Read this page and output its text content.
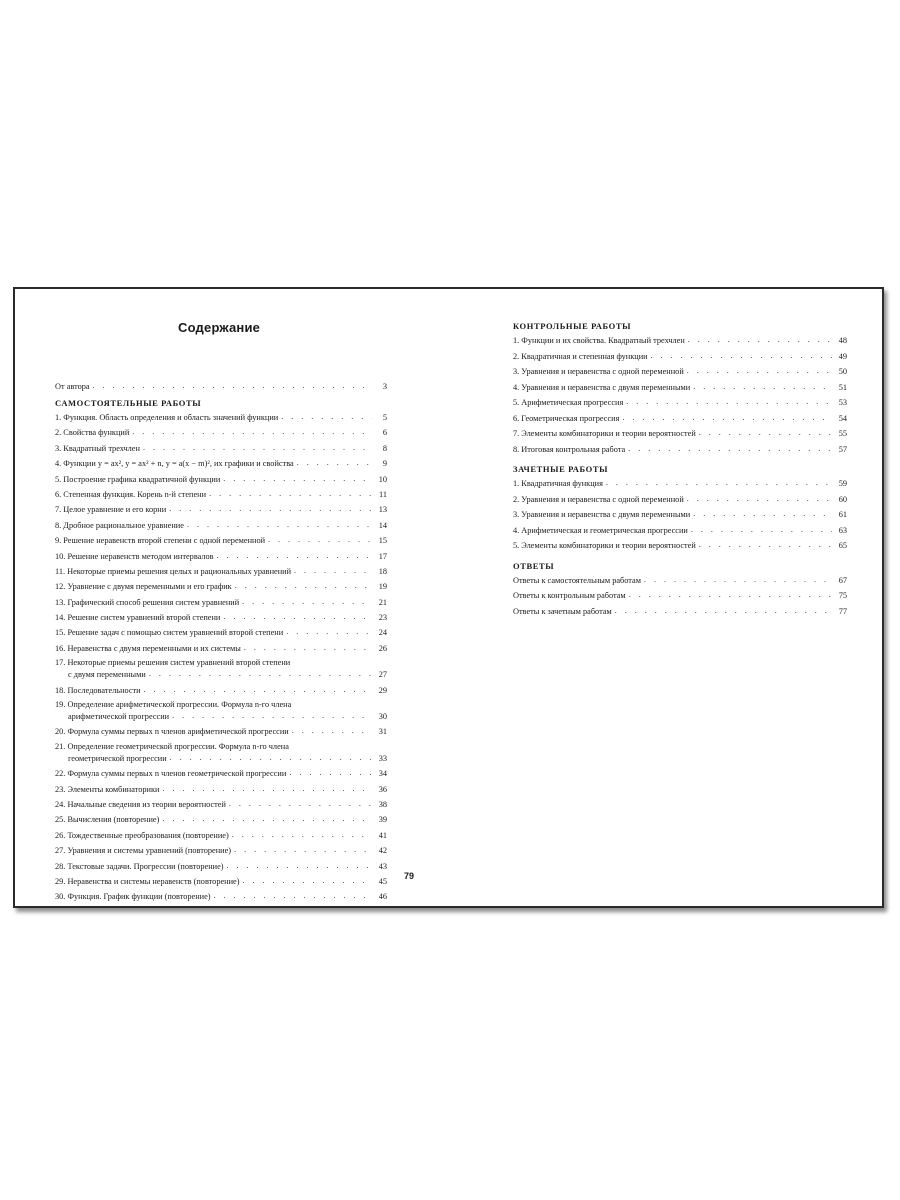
Содержание
От автора . . .	3
САМОСТОЯТЕЛЬНЫЕ РАБОТЫ
1. Функция. Область определения и область значений функции . . .	5
2. Свойства функций . . .	6
3. Квадратный трехчлен . . .	8
4. Функции y = ax², y = ax² + n, y = a(x − m)², их графики и свойства . . .	9
5. Построение графика квадратичной функции . . .	10
6. Степенная функция. Корень n-й степени . . .	11
7. Целое уравнение и его корни . . .	13
8. Дробное рациональное уравнение . . .	14
9. Решение неравенств второй степени с одной переменной . . .	15
10. Решение неравенств методом интервалов . . .	17
11. Некоторые приемы решения целых и рациональных уравнений . . .	18
12. Уравнение с двумя переменными и его график . . .	19
13. Графический способ решения систем уравнений . . .	21
14. Решение систем уравнений второй степени . . .	23
15. Решение задач с помощью систем уравнений второй степени . . .	24
16. Неравенства с двумя переменными и их системы . . .	26
17. Некоторые приемы решения систем уравнений второй степени
с двумя переменными . . .	27
18. Последовательности . . .	29
19. Определение арифметической прогрессии. Формула n-го члена
арифметической прогрессии . . .	30
20. Формула суммы первых n членов арифметической прогрессии . . .	31
21. Определение геометрической прогрессии. Формула n-го члена
геометрической прогрессии . . .	33
22. Формула суммы первых n членов геометрической прогрессии . . .	34
23. Элементы комбинаторики . . .	36
24. Начальные сведения из теории вероятностей . . .	38
25. Вычисления (повторение) . . .	39
26. Тождественные преобразования (повторение) . . .	41
27. Уравнения и системы уравнений (повторение) . . .	42
28. Текстовые задачи. Прогрессии (повторение) . . .	43
29. Неравенства и системы неравенств (повторение) . . .	45
30. Функция. График функции (повторение) . . .	46
79
КОНТРОЛЬНЫЕ РАБОТЫ
1. Функции и их свойства. Квадратный трехчлен . . .	48
2. Квадратичная и степенная функции . . .	49
3. Уравнения и неравенства с одной переменной . . .	50
4. Уравнения и неравенства с двумя переменными . . .	51
5. Арифметическая прогрессия . . .	53
6. Геометрическая прогрессия . . .	54
7. Элементы комбинаторики и теории вероятностей . . .	55
8. Итоговая контрольная работа . . .	57
ЗАЧЕТНЫЕ РАБОТЫ
1. Квадратичная функция . . .	59
2. Уравнения и неравенства с одной переменной . . .	60
3. Уравнения и неравенства с двумя переменными . . .	61
4. Арифметическая и геометрическая прогрессии . . .	63
5. Элементы комбинаторики и теории вероятностей . . .	65
ОТВЕТЫ
Ответы к самостоятельным работам . . .	67
Ответы к контрольным работам . . .	75
Ответы к зачетным работам . . .	77
